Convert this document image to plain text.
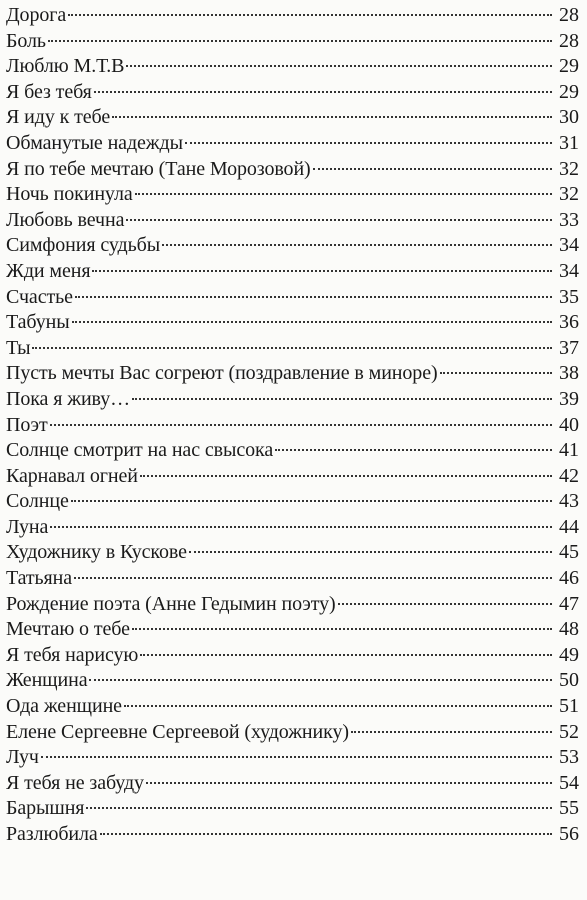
Дорога	28
Боль	28
Люблю М.Т.В	29
Я без тебя	29
Я иду к тебе	30
Обманутые надежды	31
Я по тебе мечтаю (Тане Морозовой)	32
Ночь покинула	32
Любовь вечна	33
Симфония судьбы	34
Жди меня	34
Счастье	35
Табуны	36
Ты	37
Пусть мечты Вас согреют (поздравление в миноре)	38
Пока я живу…	39
Поэт	40
Солнце смотрит на нас свысока	41
Карнавал огней	42
Солнце	43
Луна	44
Художнику в Кускове	45
Татьяна	46
Рождение поэта (Анне Гедымин поэту)	47
Мечтаю о тебе	48
Я тебя нарисую	49
Женщина	50
Ода женщине	51
Елене Сергеевне Сергеевой (художнику)	52
Луч	53
Я тебя не забуду	54
Барышня	55
Разлюбила	56
